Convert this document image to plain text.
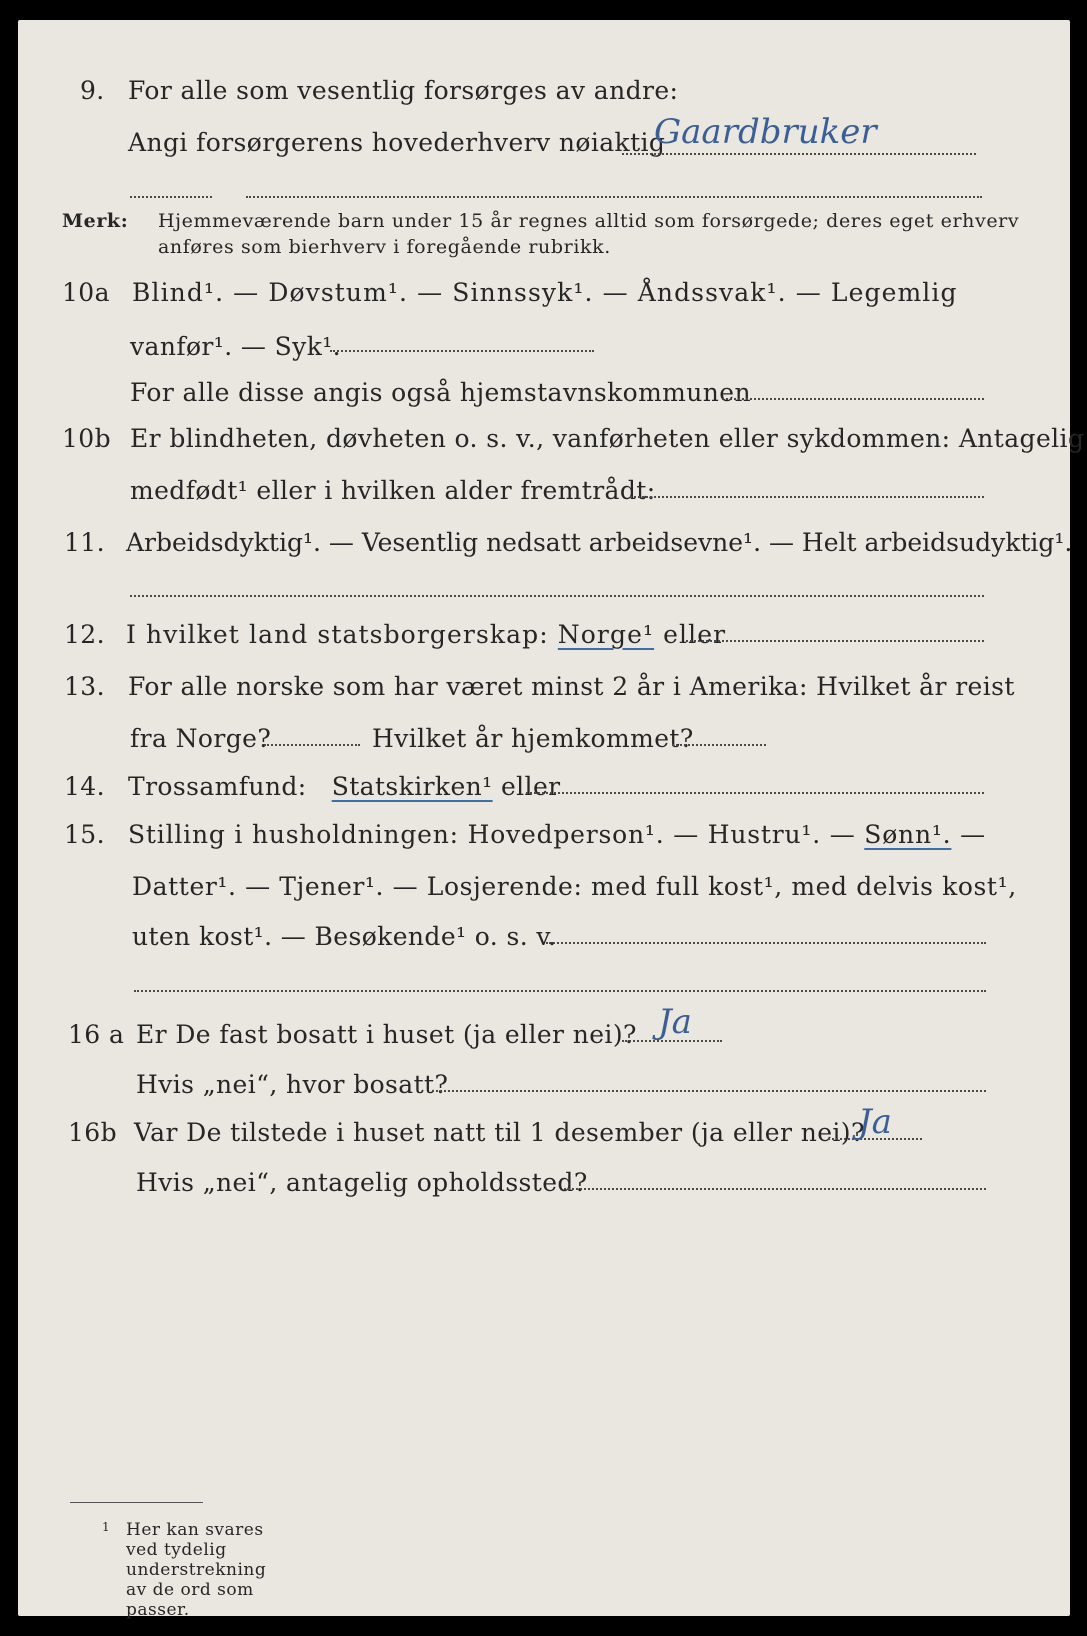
9. For alle som vesentlig forsørges av andre:
Angi forsørgerens hovederhverv nøiaktig
Gaardbruker
Merk: Hjemmeværende barn under 15 år regnes alltid som forsørgede; deres eget erhverv
anføres som bierhverv i foregående rubrikk.
10a Blind¹. — Døvstum¹. — Sinnssyk¹. — Åndssvak¹. — Legemlig
vanfør¹. — Syk¹.
For alle disse angis også hjemstavnskommunen
10b Er blindheten, døvheten o. s. v., vanførheten eller sykdommen: Antagelig
medfødt¹ eller i hvilken alder fremtrådt:
11. Arbeidsdyktig¹. — Vesentlig nedsatt arbeidsevne¹. — Helt arbeidsudyktig¹.
12. I hvilket land statsborgerskap: Norge¹ eller
13. For alle norske som har været minst 2 år i Amerika: Hvilket år reist
fra Norge?	Hvilket år hjemkommet?
14. Trossamfund: Statskirken¹ eller
15. Stilling i husholdningen: Hovedperson¹. — Hustru¹. — Sønn¹. —
Datter¹. — Tjener¹. — Losjerende: med full kost¹, med delvis kost¹,
uten kost¹. — Besøkende¹ o. s. v.
16 a Er De fast bosatt i huset (ja eller nei)? Ja
Hvis „nei“, hvor bosatt?
16b Var De tilstede i huset natt til 1 desember (ja eller nei)?
Ja
Hvis „nei“, antagelig opholdssted?
1 Her kan svares ved tydelig understrekning av de ord som passer.
